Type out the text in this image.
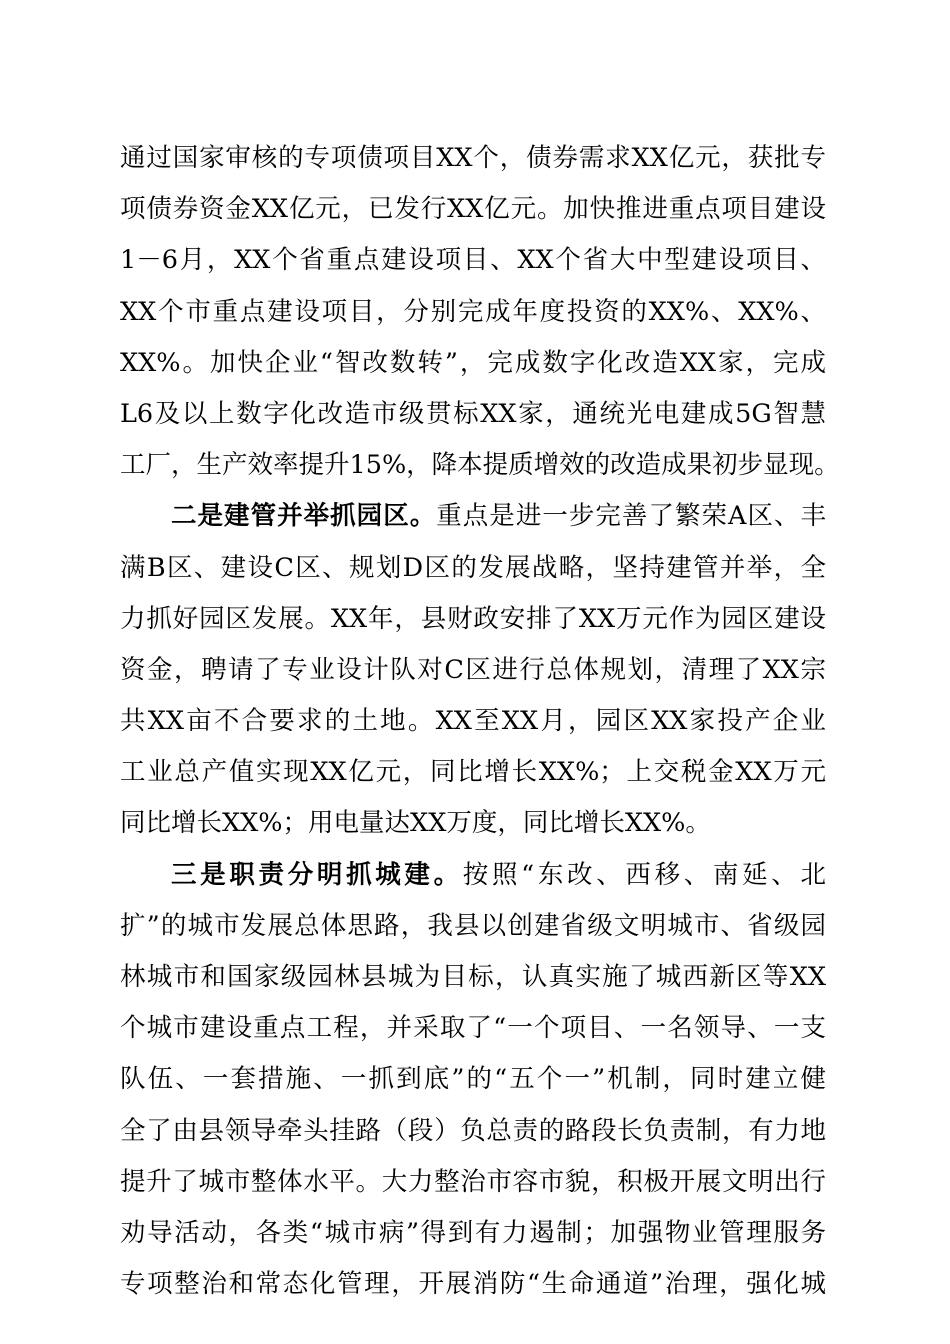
通过国家审核的专项债项目XX个，债券需求XX亿元，获批专
项债券资金XX亿元，已发行XX亿元。加快推进重点项目建设
1－6月，XX个省重点建设项目、XX个省大中型建设项目、
XX个市重点建设项目，分别完成年度投资的XX%、XX%、
XX%。加快企业“智改数转”，完成数字化改造XX家，完成
L6及以上数字化改造市级贯标XX家，通统光电建成5G智慧
工厂，生产效率提升15%，降本提质增效的改造成果初步显现。
二是建管并举抓园区。重点是进一步完善了繁荣A区、丰
满B区、建设C区、规划D区的发展战略，坚持建管并举，全
力抓好园区发展。XX年，县财政安排了XX万元作为园区建设
资金，聘请了专业设计队对C区进行总体规划，清理了XX宗
共XX亩不合要求的土地。XX至XX月，园区XX家投产企业
工业总产值实现XX亿元，同比增长XX%；上交税金XX万元
同比增长XX%；用电量达XX万度，同比增长XX%。
三是职责分明抓城建。按照“东改、西移、南延、北
扩”的城市发展总体思路，我县以创建省级文明城市、省级园
林城市和国家级园林县城为目标，认真实施了城西新区等XX
个城市建设重点工程，并采取了“一个项目、一名领导、一支
队伍、一套措施、一抓到底”的“五个一”机制，同时建立健
全了由县领导牵头挂路（段）负总责的路段长负责制，有力地
提升了城市整体水平。大力整治市容市貌，积极开展文明出行
劝导活动，各类“城市病”得到有力遏制；加强物业管理服务
专项整治和常态化管理，开展消防“生命通道”治理，强化城
